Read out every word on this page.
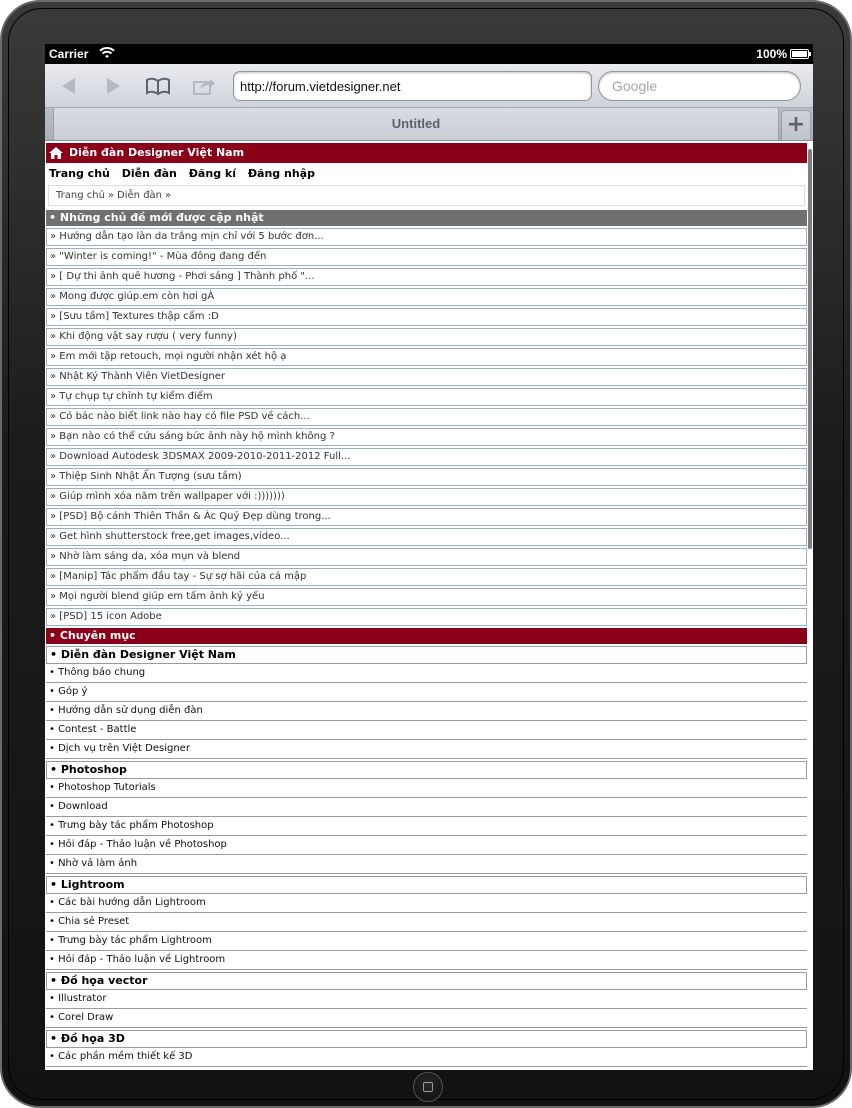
Carrier	100%
http://forum.vietdesigner.net	Google
Untitled	+
Diễn đàn Designer Việt Nam
Trang chủ Diễn đàn Đăng kí Đăng nhập
Trang chủ » Diễn đàn »
• Những chủ đề mới được cập nhật
» Hướng dẫn tạo làn da trắng mịn chỉ với 5 bước đơn...
» "Winter is coming!" - Mùa đông đang đến
» [ Dự thi ảnh quê hương - Phơi sáng ] Thành phố "...
» Mong được giúp.em còn hơi gÀ
» [Sưu tầm] Textures thập cẩm :D
» Khi động vật say rượu ( very funny)
» Em mới tập retouch, mọi người nhận xét hộ ạ
» Nhật Ký Thành Viên VietDesigner
» Tự chụp tự chỉnh tự kiểm điểm
» Có bác nào biết link nào hay có file PSD về cách...
» Bạn nào có thể cứu sáng bức ảnh này hộ mình không ?
» Download Autodesk 3DSMAX 2009-2010-2011-2012 Full...
» Thiệp Sinh Nhật Ấn Tượng (sưu tầm)
» Giúp mình xóa năm trên wallpaper với :)))))))
» [PSD] Bộ cánh Thiên Thần & Ác Quỷ Đẹp dùng trong...
» Get hình shutterstock free,get images,video...
» Nhờ làm sáng da, xóa mụn và blend
» [Manip] Tác phẩm đầu tay - Sự sợ hãi của cá mập
» Mọi người blend giúp em tấm ảnh kỷ yếu
» [PSD] 15 icon Adobe
• Chuyên mục
• Diễn đàn Designer Việt Nam
• Thông báo chung
• Góp ý
• Hướng dẫn sử dụng diễn đàn
• Contest - Battle
• Dịch vụ trên Việt Designer
• Photoshop
• Photoshop Tutorials
• Download
• Trưng bày tác phẩm Photoshop
• Hỏi đáp - Thảo luận về Photoshop
• Nhờ vả làm ảnh
• Lightroom
• Các bài hướng dẫn Lightroom
• Chia sẻ Preset
• Trưng bày tác phẩm Lightroom
• Hỏi đáp - Thảo luận về Lightroom
• Đồ họa vector
• Illustrator
• Corel Draw
• Đồ họa 3D
• Các phần mềm thiết kế 3D
